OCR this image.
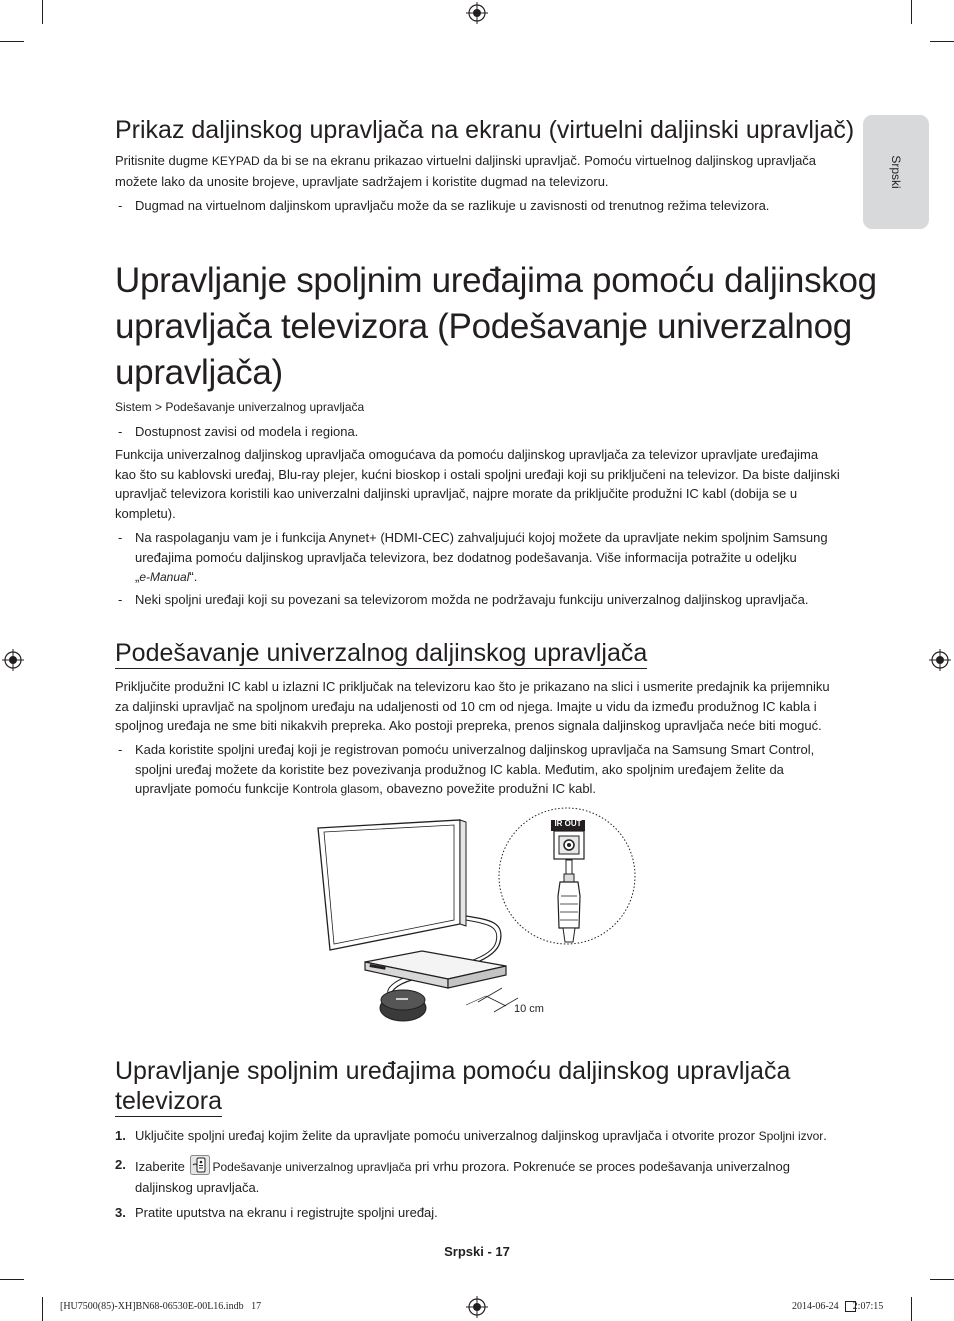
Srpski
Prikaz daljinskog upravljača na ekranu (virtuelni daljinski upravljač)
Pritisnite dugme KEYPAD da bi se na ekranu prikazao virtuelni daljinski upravljač. Pomoću virtuelnog daljinskog upravljača
možete lako da unosite brojeve, upravljate sadržajem i koristite dugmad na televizoru.
- Dugmad na virtuelnom daljinskom upravljaču može da se razlikuje u zavisnosti od trenutnog režima televizora.
Upravljanje spoljnim uređajima pomoću daljinskog
upravljača televizora (Podešavanje univerzalnog
upravljača)
Sistem > Podešavanje univerzalnog upravljača
- Dostupnost zavisi od modela i regiona.
Funkcija univerzalnog daljinskog upravljača omogućava da pomoću daljinskog upravljača za televizor upravljate uređajima
kao što su kablovski uređaj, Blu-ray plejer, kućni bioskop i ostali spoljni uređaji koji su priključeni na televizor. Da biste daljinski
upravljač televizora koristili kao univerzalni daljinski upravljač, najpre morate da priključite produžni IC kabl (dobija se u
kompletu).
- Na raspolaganju vam je i funkcija Anynet+ (HDMI-CEC) zahvaljujući kojoj možete da upravljate nekim spoljnim Samsung
uređajima pomoću daljinskog upravljača televizora, bez dodatnog podešavanja. Više informacija potražite u odeljku
„e-Manual“.
- Neki spoljni uređaji koji su povezani sa televizorom možda ne podržavaju funkciju univerzalnog daljinskog upravljača.
Podešavanje univerzalnog daljinskog upravljača
Priključite produžni IC kabl u izlazni IC priključak na televizoru kao što je prikazano na slici i usmerite predajnik ka prijemniku
za daljinski upravljač na spoljnom uređaju na udaljenosti od 10 cm od njega. Imajte u vidu da između produžnog IC kabla i
spoljnog uređaja ne sme biti nikakvih prepreka. Ako postoji prepreka, prenos signala daljinskog upravljača neće biti moguć.
- Kada koristite spoljni uređaj koji je registrovan pomoću univerzalnog daljinskog upravljača na Samsung Smart Control,
spoljni uređaj možete da koristite bez povezivanja produžnog IC kabla. Međutim, ako spoljnim uređajem želite da
upravljate pomoću funkcije Kontrola glasom, obavezno povežite produžni IC kabl.
IR OUT
10 cm
Upravljanje spoljnim uređajima pomoću daljinskog upravljača
televizora
1. Uključite spoljni uređaj kojim želite da upravljate pomoću univerzalnog daljinskog upravljača i otvorite prozor Spoljni izvor.
2. Izaberite Podešavanje univerzalnog upravljača pri vrhu prozora. Pokrenuće se proces podešavanja univerzalnog
daljinskog upravljača.
3. Pratite uputstva na ekranu i registrujte spoljni uređaj.
Srpski - 17
[HU7500(85)-XH]BN68-06530E-00L16.indb   17	2014-06-24      2:07:15
